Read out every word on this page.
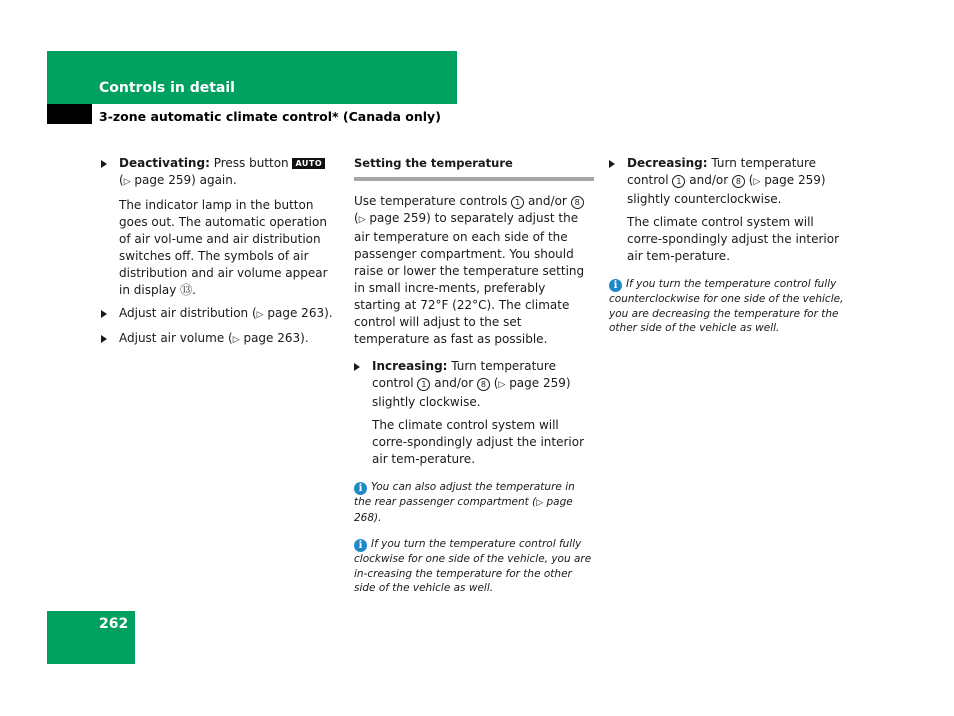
Controls in detail
3-zone automatic climate control* (Canada only)
Deactivating: Press button AUTO
(▷ page 259) again.

The indicator lamp in the button goes out. The automatic operation of air vol-ume and air distribution switches off. The symbols of air distribution and air volume appear in display ⑬.

Adjust air distribution (▷ page 263).
Adjust air volume (▷ page 263).
Setting the temperature

Use temperature controls 1 and/or 8
(▷ page 259) to separately adjust the air temperature on each side of the passenger compartment. You should raise or lower the temperature setting in small incre-ments, preferably starting at 72°F (22°C). The climate control will adjust to the set temperature as fast as possible.

Increasing: Turn temperature control 1 and/or 8 (▷ page 259) slightly clockwise.

The climate control system will corre-spondingly adjust the interior air tem-perature.

i You can also adjust the temperature in the rear passenger compartment (▷ page 268).

i If you turn the temperature control fully clockwise for one side of the vehicle, you are in-creasing the temperature for the other side of the vehicle as well.

Decreasing: Turn temperature control 1 and/or 8 (▷ page 259) slightly counterclockwise.

The climate control system will corre-spondingly adjust the interior air tem-perature.

i If you turn the temperature control fully counterclockwise for one side of the vehicle, you are decreasing the temperature for the other side of the vehicle as well.

262
